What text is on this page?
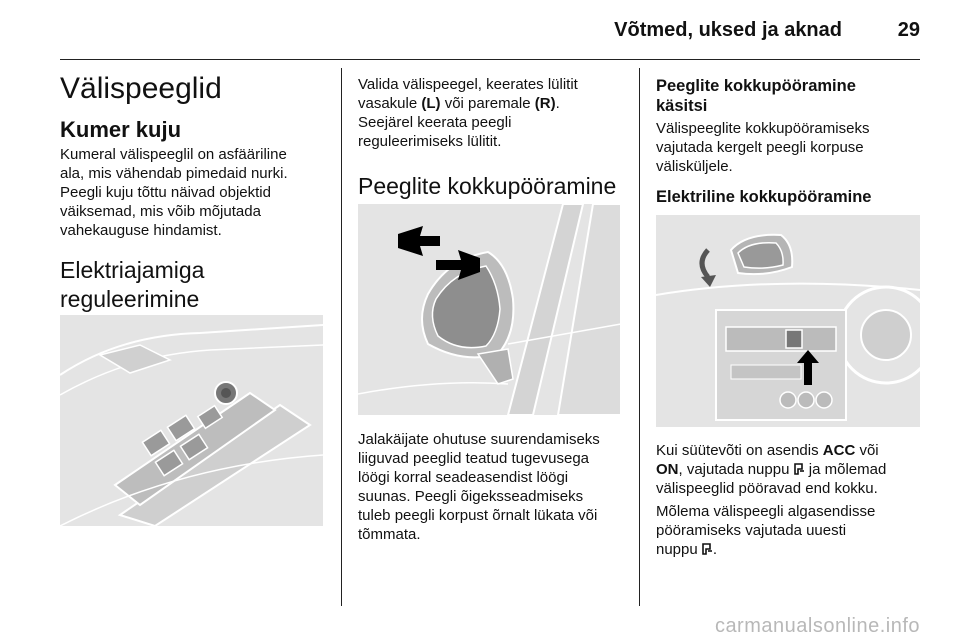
Võtmed, uksed ja aknad	29
Välispeeglid
Kumer kuju

Kumeral välispeeglil on asfääriline

ala, mis vähendab pimedaid nurki.

Peegli kuju tõttu näivad objektid

väiksemad, mis võib mõjutada

vahekauguse hindamist.

Elektriajamiga
reguleerimine

Valida välispeegel, keerates lülitit

vasakule (L) või paremale (R).

Seejärel keerata peegli

reguleerimiseks lülitit.

Peeglite kokkupööramine

Jalakäijate ohutuse suurendamiseks

liiguvad peeglid teatud tugevusega

löögi korral seadeasendist löögi

suunas. Peegli õigeksseadmiseks

tuleb peegli korpust õrnalt lükata või

tõmmata.

Peeglite kokkupööramine
käsitsi

Välispeeglite kokkupööramiseks

vajutada kergelt peegli korpuse

välisküljele.

Elektriline kokkupööramine

Kui süütevõti on asendis ACC või

ON, vajutada nuppu  ja mõlemad

välispeeglid pööravad end kokku.

Mõlema välispeegli algasendisse

pööramiseks vajutada uuesti

nuppu .

carmanualsonline.info
